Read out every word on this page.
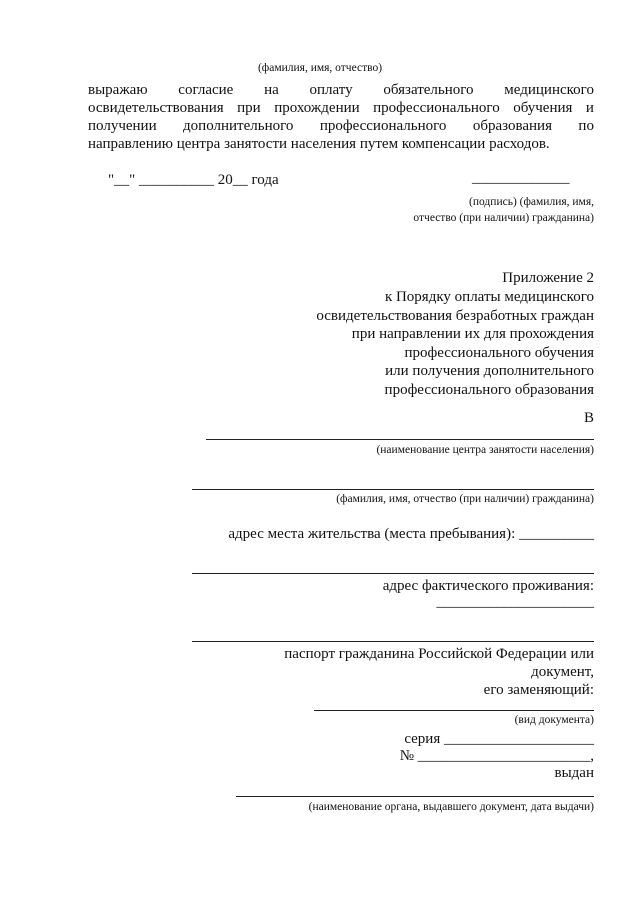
(фамилия, имя, отчество)
выражаю согласие на оплату обязательного медицинского
освидетельствования при прохождении профессионального обучения и
получении дополнительного профессионального образования по
направлению центра занятости населения путем компенсации расходов.
"__" __________ 20__ года	_____________
(подпись) (фамилия, имя,
отчество (при наличии) гражданина)
Приложение 2
к Порядку оплаты медицинского
освидетельствования безработных граждан
при направлении их для прохождения
профессионального обучения
или получения дополнительного
профессионального образования
В
(наименование центра занятости населения)
(фамилия, имя, отчество (при наличии) гражданина)
адрес места жительства (места пребывания): __________
адрес фактического проживания:
_____________________
паспорт гражданина Российской Федерации или
документ,
его заменяющий:
(вид документа)
серия ____________________
№ _______________________,
выдан
(наименование органа, выдавшего документ, дата выдачи)
